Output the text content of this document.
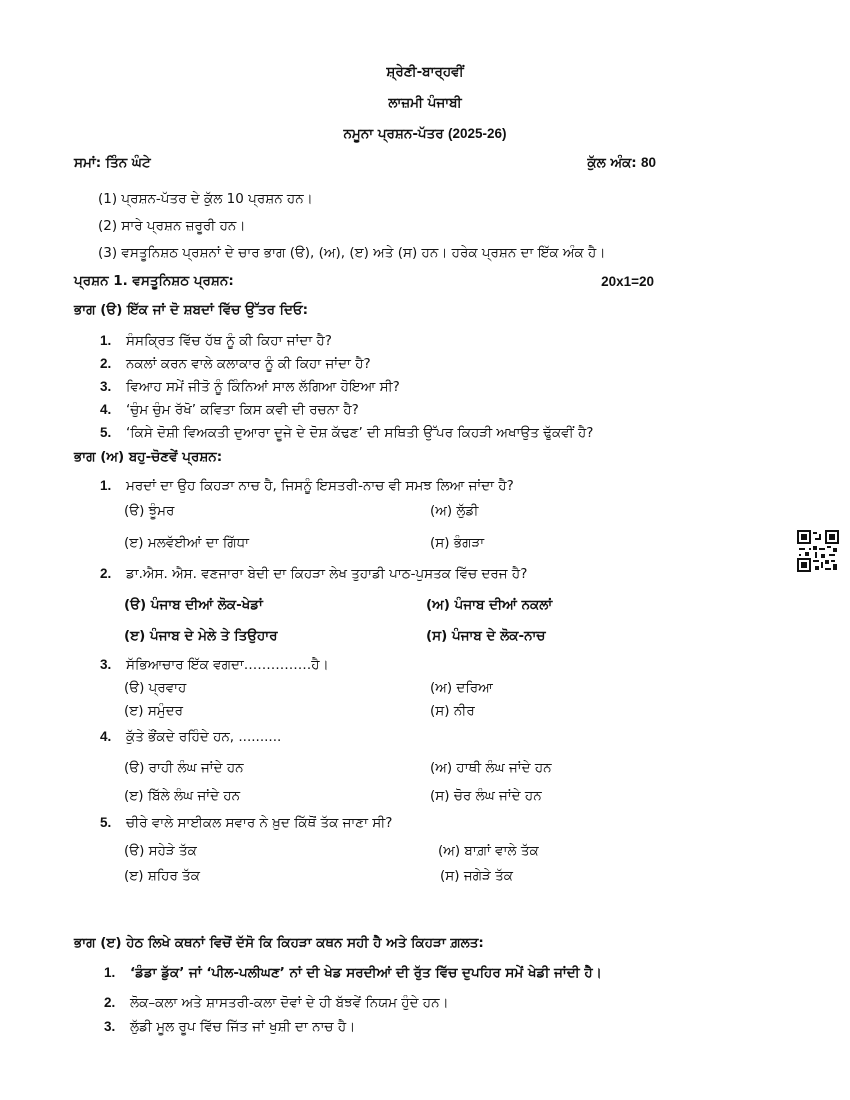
ਸ਼੍ਰੇਣੀ-ਬਾਰ੍ਹਵੀਂ
ਲਾਜ਼ਮੀ ਪੰਜਾਬੀ
ਨਮੂਨਾ ਪ੍ਰਸ਼ਨ-ਪੱਤਰ (2025-26)
ਸਮਾਂ: ਤਿੰਨ ਘੰਟੇ	ਕੁੱਲ ਅੰਕ: 80
(1) ਪ੍ਰਸ਼ਨ-ਪੱਤਰ ਦੇ ਕੁੱਲ 10 ਪ੍ਰਸ਼ਨ ਹਨ।
(2) ਸਾਰੇ ਪ੍ਰਸ਼ਨ ਜ਼ਰੂਰੀ ਹਨ।
(3) ਵਸਤੂਨਿਸ਼ਠ ਪ੍ਰਸ਼ਨਾਂ ਦੇ ਚਾਰ ਭਾਗ (ੳ), (ਅ), (ੲ) ਅਤੇ (ਸ) ਹਨ। ਹਰੇਕ ਪ੍ਰਸ਼ਨ ਦਾ ਇੱਕ ਅੰਕ ਹੈ।
ਪ੍ਰਸ਼ਨ 1. ਵਸਤੂਨਿਸ਼ਠ ਪ੍ਰਸ਼ਨ:	20x1=20
ਭਾਗ (ੳ) ਇੱਕ ਜਾਂ ਦੋ ਸ਼ਬਦਾਂ ਵਿੱਚ ਉੱਤਰ ਦਿਓ:
1. ਸੰਸਕ੍ਰਿਤ ਵਿੱਚ ਹੱਥ ਨੂੰ ਕੀ ਕਿਹਾ ਜਾਂਦਾ ਹੈ?
2. ਨਕਲਾਂ ਕਰਨ ਵਾਲੇ ਕਲਾਕਾਰ ਨੂੰ ਕੀ ਕਿਹਾ ਜਾਂਦਾ ਹੈ?
3. ਵਿਆਹ ਸਮੇਂ ਜੀਤੋ ਨੂੰ ਕਿੰਨਿਆਂ ਸਾਲ ਲੱਗਿਆ ਹੋਇਆ ਸੀ?
4. ‘ਚੁੰਮ ਚੁੰਮ ਰੱਖੋ’ ਕਵਿਤਾ ਕਿਸ ਕਵੀ ਦੀ ਰਚਨਾ ਹੈ?
5. ‘ਕਿਸੇ ਦੋਸ਼ੀ ਵਿਅਕਤੀ ਦੁਆਰਾ ਦੂਜੇ ਦੇ ਦੋਸ਼ ਕੱਢਣ’ ਦੀ ਸਥਿਤੀ ਉੱਪਰ ਕਿਹੜੀ ਅਖਾਉਤ ਢੁੱਕਵੀਂ ਹੈ?
ਭਾਗ (ਅ) ਬਹੁ-ਚੋਣਵੇਂ ਪ੍ਰਸ਼ਨ:
1. ਮਰਦਾਂ ਦਾ ਉਹ ਕਿਹੜਾ ਨਾਚ ਹੈ, ਜਿਸਨੂੰ ਇਸਤਰੀ-ਨਾਚ ਵੀ ਸਮਝ ਲਿਆ ਜਾਂਦਾ ਹੈ?
(ੳ) ਝੂੰਮਰ	(ਅ) ਲੁੱਡੀ
(ੲ) ਮਲਵੱਈਆਂ ਦਾ ਗਿੱਧਾ	(ਸ) ਭੰਗੜਾ
2. ਡਾ.ਐਸ. ਐਸ. ਵਣਜਾਰਾ ਬੇਦੀ ਦਾ ਕਿਹੜਾ ਲੇਖ ਤੁਹਾਡੀ ਪਾਠ-ਪੁਸਤਕ ਵਿੱਚ ਦਰਜ ਹੈ?
(ੳ) ਪੰਜਾਬ ਦੀਆਂ ਲੋਕ-ਖੇਡਾਂ	(ਅ) ਪੰਜਾਬ ਦੀਆਂ ਨਕਲਾਂ
(ੲ) ਪੰਜਾਬ ਦੇ ਮੇਲੇ ਤੇ ਤਿਉਹਾਰ	(ਸ) ਪੰਜਾਬ ਦੇ ਲੋਕ-ਨਾਚ
3. ਸੱਭਿਆਚਾਰ ਇੱਕ ਵਗਦਾ……………ਹੈ।
(ੳ) ਪ੍ਰਵਾਹ	(ਅ) ਦਰਿਆ
(ੲ) ਸਮੁੰਦਰ	(ਸ) ਨੀਰ
4. ਕੁੱਤੇ ਭੌਂਕਦੇ ਰਹਿੰਦੇ ਹਨ, ..........
(ੳ) ਰਾਹੀ ਲੰਘ ਜਾਂਦੇ ਹਨ	(ਅ) ਹਾਥੀ ਲੰਘ ਜਾਂਦੇ ਹਨ
(ੲ) ਬਿੱਲੇ ਲੰਘ ਜਾਂਦੇ ਹਨ	(ਸ) ਚੋਰ ਲੰਘ ਜਾਂਦੇ ਹਨ
5. ਚੀਰੇ ਵਾਲੇ ਸਾਈਕਲ ਸਵਾਰ ਨੇ ਖ਼ੁਦ ਕਿੱਥੋਂ ਤੱਕ ਜਾਣਾ ਸੀ?
(ੳ) ਸਹੇੜੇ ਤੱਕ	(ਅ) ਬਾਗ਼ਾਂ ਵਾਲੇ ਤੱਕ
(ੲ) ਸ਼ਹਿਰ ਤੱਕ	(ਸ) ਜਗੇੜੇ ਤੱਕ
ਭਾਗ (ੲ) ਹੇਠ ਲਿਖੇ ਕਥਨਾਂ ਵਿਚੋਂ ਦੱਸੋ ਕਿ ਕਿਹੜਾ ਕਥਨ ਸਹੀ ਹੈ ਅਤੇ ਕਿਹੜਾ ਗ਼ਲਤ:
1. ‘ਡੰਡਾ ਡੁੱਕ’ ਜਾਂ ‘ਪੀਲ-ਪਲੀਘਣ’ ਨਾਂ ਦੀ ਖੇਡ ਸਰਦੀਆਂ ਦੀ ਰੁੱਤ ਵਿੱਚ ਦੁਪਹਿਰ ਸਮੇਂ ਖੇਡੀ ਜਾਂਦੀ ਹੈ।
2. ਲੋਕ–ਕਲਾ ਅਤੇ ਸ਼ਾਸਤਰੀ-ਕਲਾ ਦੋਵਾਂ ਦੇ ਹੀ ਬੱਝਵੇਂ ਨਿਯਮ ਹੁੰਦੇ ਹਨ।
3. ਲੁੱਡੀ ਮੂਲ ਰੂਪ ਵਿੱਚ ਜਿੱਤ ਜਾਂ ਖੁਸ਼ੀ ਦਾ ਨਾਚ ਹੈ।
